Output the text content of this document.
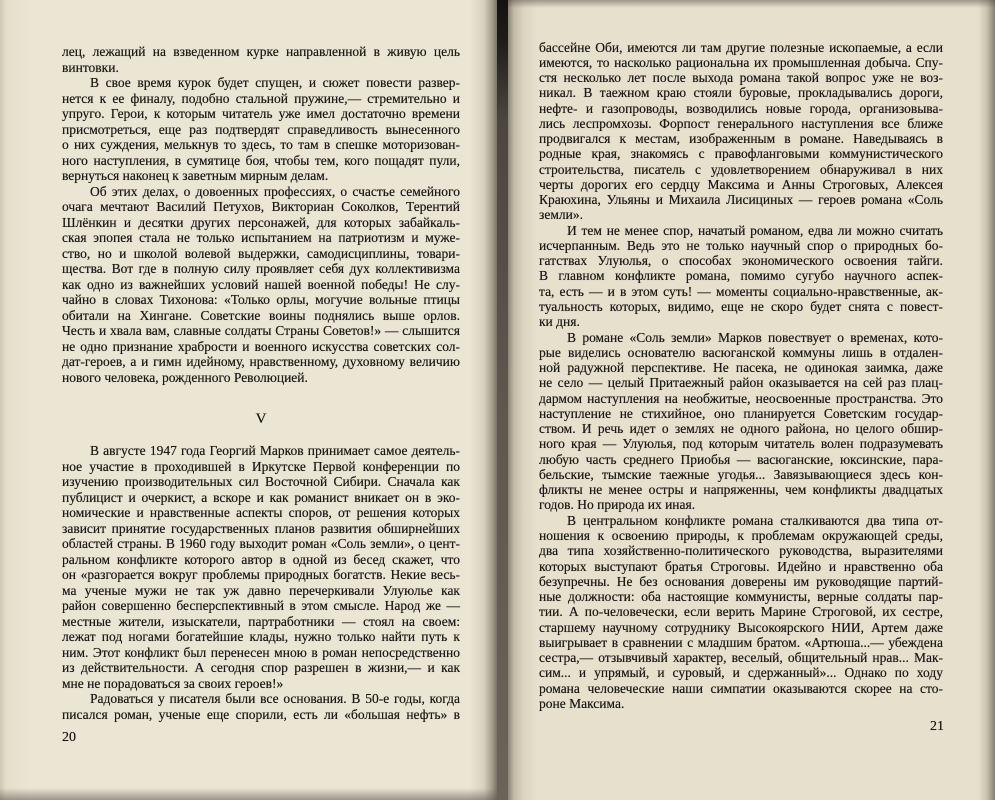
лец, лежащий на взведенном курке направленной в живую цель
винтовки.
В свое время курок будет спущен, и сюжет повести развер-
нется к ее финалу, подобно стальной пружине,— стремительно и
упруго. Герои, к которым читатель уже имел достаточно времени
присмотреться, еще раз подтвердят справедливость вынесенного
о них суждения, мелькнув то здесь, то там в спешке моторизован-
ного наступления, в сумятице боя, чтобы тем, кого пощадят пули,
вернуться наконец к заветным мирным делам.
Об этих делах, о довоенных профессиях, о счастье семейного
очага мечтают Василий Петухов, Викториан Соколков, Терентий
Шлёнкин и десятки других персонажей, для которых забайкаль-
ская эпопея стала не только испытанием на патриотизм и муже-
ство, но и школой волевой выдержки, самодисциплины, товари-
щества. Вот где в полную силу проявляет себя дух коллективизма
как одно из важнейших условий нашей военной победы! Не слу-
чайно в словах Тихонова: «Только орлы, могучие вольные птицы
обитали на Хингане. Советские воины поднялись выше орлов.
Честь и хвала вам, славные солдаты Страны Советов!» — слышится
не одно признание храбрости и военного искусства советских сол-
дат-героев, а и гимн идейному, нравственному, духовному величию
нового человека, рожденного Революцией.
V
В августе 1947 года Георгий Марков принимает самое деятель-
ное участие в проходившей в Иркутске Первой конференции по
изучению производительных сил Восточной Сибири. Сначала как
публицист и очеркист, а вскоре и как романист вникает он в эко-
номические и нравственные аспекты споров, от решения которых
зависит принятие государственных планов развития обширнейших
областей страны. В 1960 году выходит роман «Соль земли», о цент-
ральном конфликте которого автор в одной из бесед скажет, что
он «разгорается вокруг проблемы природных богатств. Некие весь-
ма ученые мужи не так уж давно перечеркивали Улуюлье как
район совершенно бесперспективный в этом смысле. Народ же —
местные жители, изыскатели, партработники — стоял на своем:
лежат под ногами богатейшие клады, нужно только найти путь к
ним. Этот конфликт был перенесен мною в роман непосредственно
из действительности. А сегодня спор разрешен в жизни,— и как
мне не порадоваться за своих героев!»
Радоваться у писателя были все основания. В 50-е годы, когда
писался роман, ученые еще спорили, есть ли «большая нефть» в
20
бассейне Оби, имеются ли там другие полезные ископаемые, а если
имеются, то насколько рациональна их промышленная добыча. Спу-
стя несколько лет после выхода романа такой вопрос уже не воз-
никал. В таежном краю стояли буровые, прокладывались дороги,
нефте- и газопроводы, возводились новые города, организовыва-
лись леспромхозы. Форпост генерального наступления все ближе
продвигался к местам, изображенным в романе. Наведываясь в
родные края, знакомясь с правофланговыми коммунистического
строительства, писатель с удовлетворением обнаруживал в них
черты дорогих его сердцу Максима и Анны Строговых, Алексея
Краюхина, Ульяны и Михаила Лисициных — героев романа «Соль
земли».
И тем не менее спор, начатый романом, едва ли можно считать
исчерпанным. Ведь это не только научный спор о природных бо-
гатствах Улуюлья, о способах экономического освоения тайги.
В главном конфликте романа, помимо сугубо научного аспек-
та, есть — и в этом суть! — моменты социально-нравственные, ак-
туальность которых, видимо, еще не скоро будет снята с повест-
ки дня.
В романе «Соль земли» Марков повествует о временах, кото-
рые виделись основателю васюганской коммуны лишь в отдален-
ной радужной перспективе. Не пасека, не одинокая заимка, даже
не село — целый Притаежный район оказывается на сей раз плац-
дармом наступления на необжитые, неосвоенные пространства. Это
наступление не стихийное, оно планируется Советским государ-
ством. И речь идет о землях не одного района, но целого обшир-
ного края — Улуюлья, под которым читатель волен подразумевать
любую часть среднего Приобья — васюганские, юксинские, пара-
бельские, тымские таежные угодья... Завязывающиеся здесь кон-
фликты не менее остры и напряженны, чем конфликты двадцатых
годов. Но природа их иная.
В центральном конфликте романа сталкиваются два типа от-
ношения к освоению природы, к проблемам окружающей среды,
два типа хозяйственно-политического руководства, выразителями
которых выступают братья Строговы. Идейно и нравственно оба
безупречны. Не без основания доверены им руководящие партий-
ные должности: оба настоящие коммунисты, верные солдаты пар-
тии. А по-человечески, если верить Марине Строговой, их сестре,
старшему научному сотруднику Высокоярского НИИ, Артем даже
выигрывает в сравнении с младшим братом. «Артюша...— убеждена
сестра,— отзывчивый характер, веселый, общительный нрав... Мак-
сим... и упрямый, и суровый, и сдержанный»... Однако по ходу
романа человеческие наши симпатии оказываются скорее на сто-
роне Максима.
21
